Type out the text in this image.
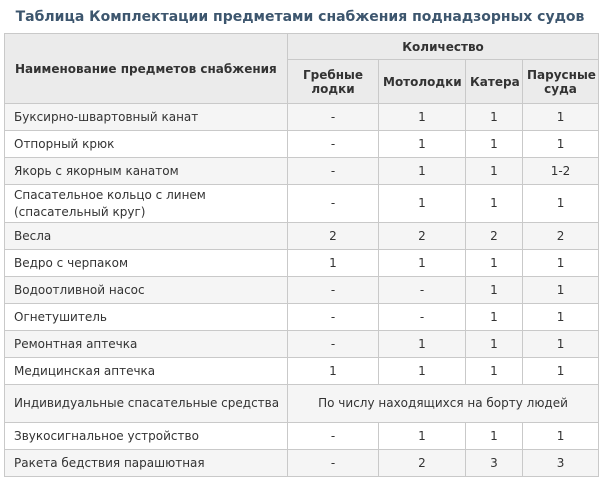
Таблица Комплектации предметами снабжения поднадзорных судов
Наименование предметов снабжения	Количество			
	Гребные лодки	Мотолодки	Катера	Парусные суда
Буксирно-швартовный канат	-	1	1	1
Отпорный крюк	-	1	1	1
Якорь с якорным канатом	-	1	1	1-2
Спасательное кольцо с линем (спасательный круг)	-	1	1	1
Весла	2	2	2	2
Ведро с черпаком	1	1	1	1
Водоотливной насос	-	-	1	1
Огнетушитель	-	-	1	1
Ремонтная аптечка	-	1	1	1
Медицинская аптечка	1	1	1	1
Индивидуальные спасательные средства	По числу находящихся на борту людей			
Звукосигнальное устройство	-	1	1	1
Ракета бедствия парашютная	-	2	3	3
